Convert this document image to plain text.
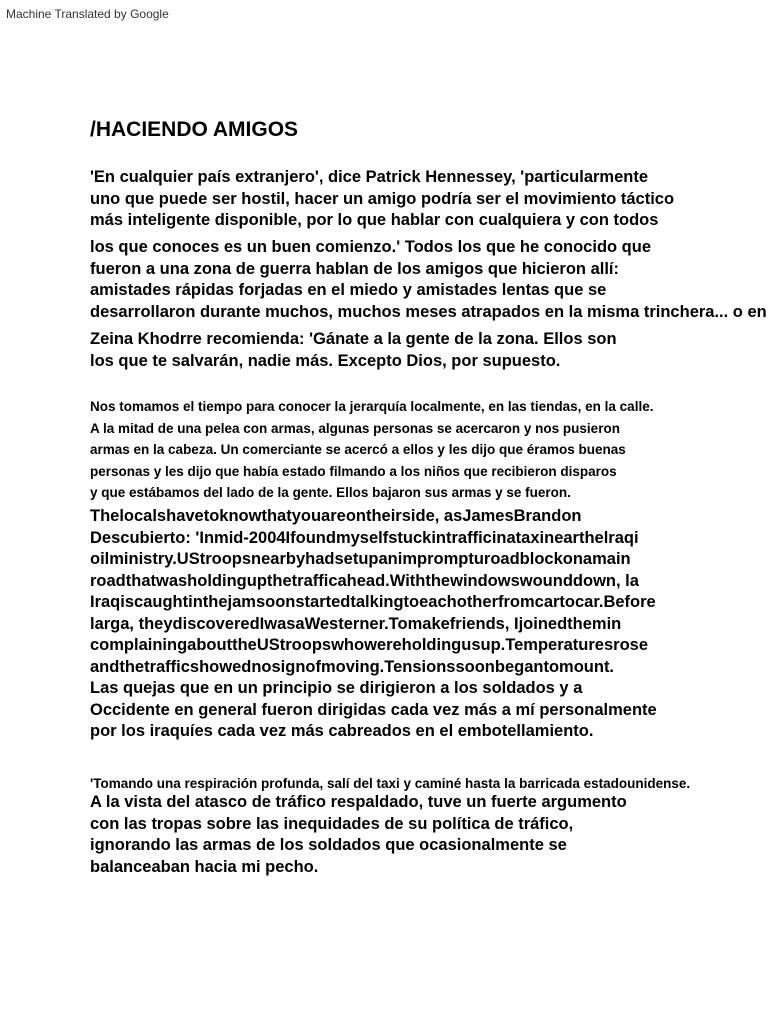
Machine Translated by Google
/HACIENDO AMIGOS

'En cualquier país extranjero', dice Patrick Hennessey, 'particularmente
uno que puede ser hostil, hacer un amigo podría ser el movimiento táctico
más inteligente disponible, por lo que hablar con cualquiera y con todos

los que conoces es un buen comienzo.' Todos los que he conocido que
fueron a una zona de guerra hablan de los amigos que hicieron allí:
amistades rápidas forjadas en el miedo y amistades lentas que se
desarrollaron durante muchos, muchos meses atrapados en la misma trinchera... o en

Zeina Khodrre recomienda: 'Gánate a la gente de la zona. Ellos son
los que te salvarán, nadie más. Excepto Dios, por supuesto.

Nos tomamos el tiempo para conocer la jerarquía localmente, en las tiendas, en la calle.
A la mitad de una pelea con armas, algunas personas se acercaron y nos pusieron
armas en la cabeza. Un comerciante se acercó a ellos y les dijo que éramos buenas
personas y les dijo que había estado filmando a los niños que recibieron disparos
y que estábamos del lado de la gente. Ellos bajaron sus armas y se fueron.

Thelocalshavetoknowthatyouareontheirside, asJamesBrandon
Descubierto: 'Inmid-2004Ifoundmyselfstuckintrafficinataxinearthelraqi
oilministry.UStroopsnearbyhadsetupanimprompturoadblockonamain
roadthatwasholdingupthetrafficahead.Withthewindowswounddown, la
Iraqiscaughtinthejamsoonstartedtalkingtoeachotherfromcartocar.Before
larga, theydiscoveredIwasaWesterner.Tomakefriends, Ijoinedthemin
complainingabouttheUStroopswhowereholdingusup.Temperaturesrose
andthetrafficshowednosignofmoving.Tensionssoonbegantomount.
Las quejas que en un principio se dirigieron a los soldados y a
Occidente en general fueron dirigidas cada vez más a mí personalmente
por los iraquíes cada vez más cabreados en el embotellamiento.

'Tomando una respiración profunda, salí del taxi y caminé hasta la barricada estadounidense.

A la vista del atasco de tráfico respaldado, tuve un fuerte argumento
con las tropas sobre las inequidades de su política de tráfico,
ignorando las armas de los soldados que ocasionalmente se
balanceaban hacia mi pecho.
